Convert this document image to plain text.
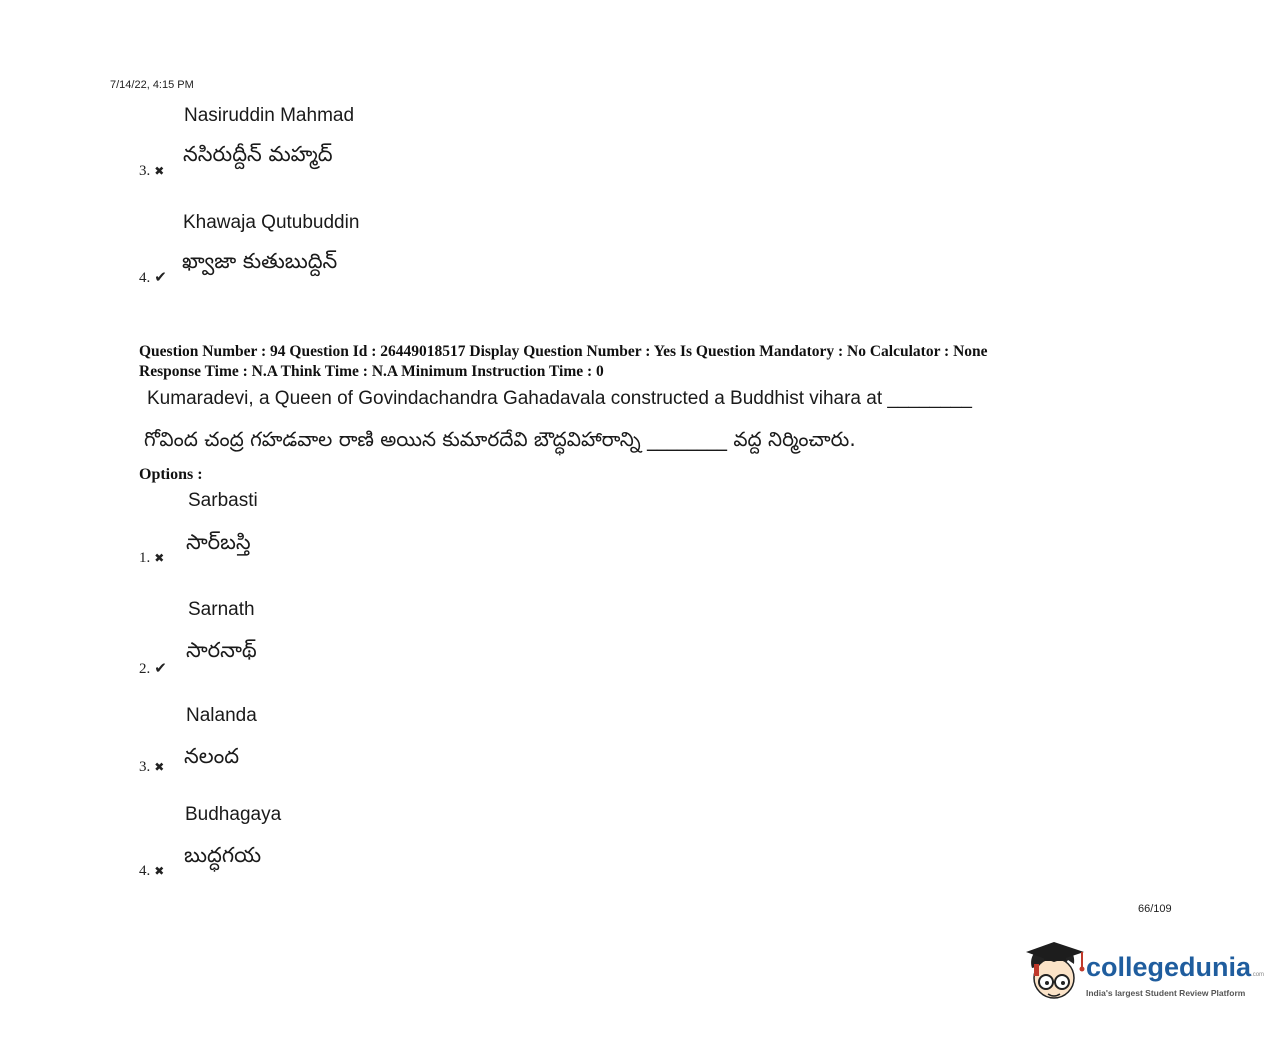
7/14/22, 4:15 PM
Nasiruddin Mahmad
నసిరుద్దీన్ మహ్మద్
3. ✖
Khawaja Qutubuddin
ఖ్వాజా కుతుబుద్దిన్
4. ✔
Question Number : 94 Question Id : 26449018517 Display Question Number : Yes Is Question Mandatory : No Calculator : None
Response Time : N.A Think Time : N.A Minimum Instruction Time : 0
Kumaradevi, a Queen of Govindachandra Gahadavala constructed a Buddhist vihara at ________
గోవింద చంద్ర గహడవాల రాణి అయిన కుమారదేవి బౌద్ధవిహారాన్ని ________ వద్ద నిర్మించారు.
Options :
Sarbasti
సార్‌బస్తి
1. ✖
Sarnath
సారనాథ్
2. ✔
Nalanda
నలంద
3. ✖
Budhagaya
బుద్ధగయ
4. ✖
66/109
collegedunia.com
India's largest Student Review Platform
